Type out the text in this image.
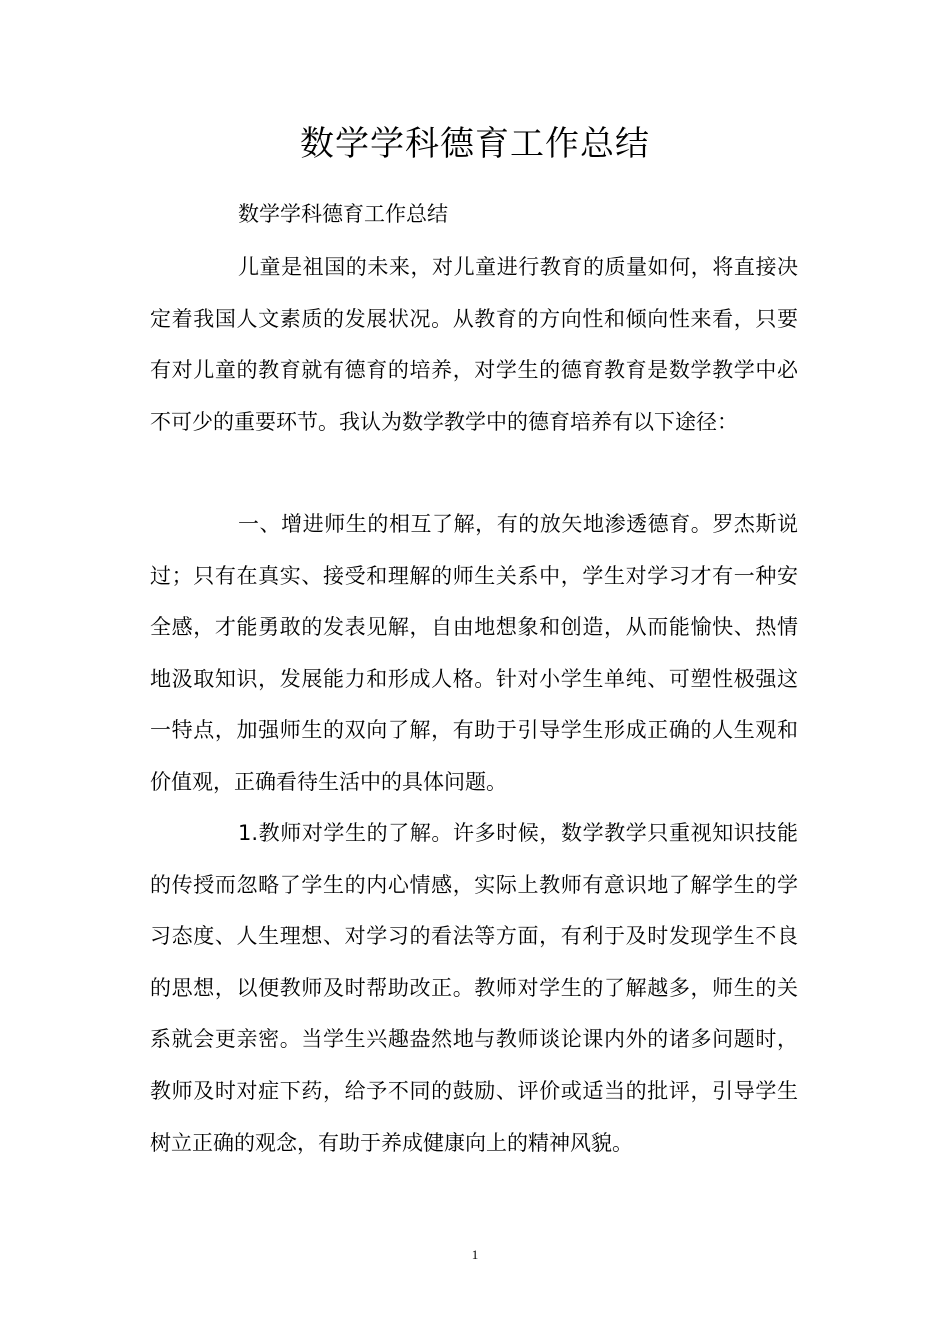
数学学科德育工作总结
数学学科德育工作总结

儿童是祖国的未来，对儿童进行教育的质量如何，将直接决定着我国人文素质的发展状况。从教育的方向性和倾向性来看，只要有对儿童的教育就有德育的培养，对学生的德育教育是数学教学中必不可少的重要环节。我认为数学教学中的德育培养有以下途径：

一、增进师生的相互了解，有的放矢地渗透德育。罗杰斯说过；只有在真实、接受和理解的师生关系中，学生对学习才有一种安全感，才能勇敢的发表见解，自由地想象和创造，从而能愉快、热情地汲取知识，发展能力和形成人格。针对小学生单纯、可塑性极强这一特点，加强师生的双向了解，有助于引导学生形成正确的人生观和价值观，正确看待生活中的具体问题。

1.教师对学生的了解。许多时候，数学教学只重视知识技能的传授而忽略了学生的内心情感，实际上教师有意识地了解学生的学习态度、人生理想、对学习的看法等方面，有利于及时发现学生不良的思想，以便教师及时帮助改正。教师对学生的了解越多，师生的关系就会更亲密。当学生兴趣盎然地与教师谈论课内外的诸多问题时，教师及时对症下药，给予不同的鼓励、评价或适当的批评，引导学生树立正确的观念，有助于养成健康向上的精神风貌。

1
